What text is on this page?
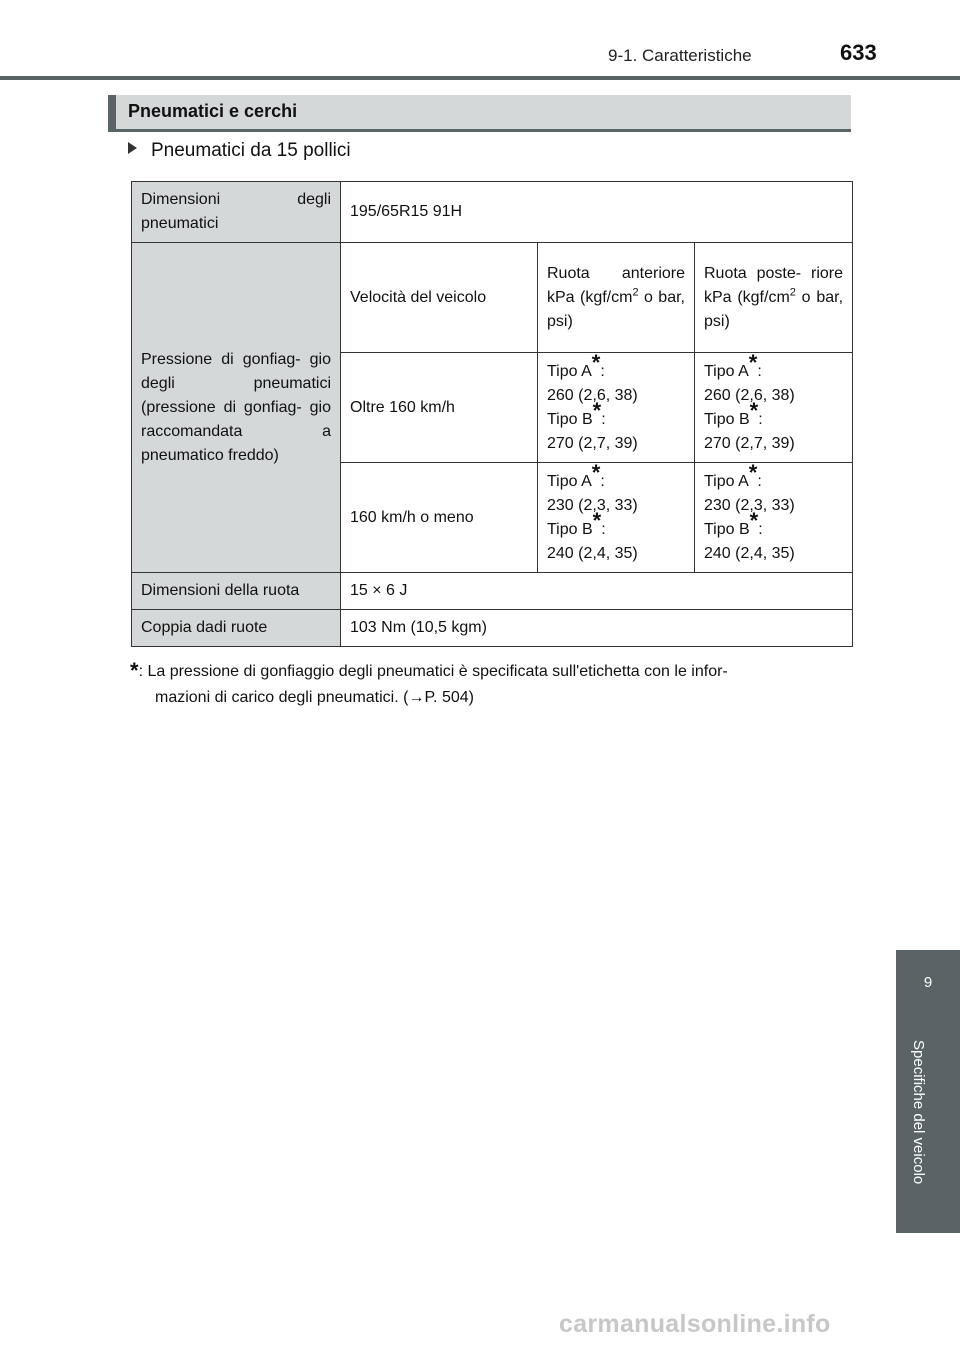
9-1. Caratteristiche	633
Pneumatici e cerchi
Pneumatici da 15 pollici
Dimensioni degli pneumatici	195/65R15 91H		
Pressione di gonfiag- gio degli pneumatici (pressione di gonfiag- gio raccomandata a pneumatico freddo)	Velocità del veicolo	Ruota anteriore kPa ($kgf/cm^2$ o bar, psi)	Ruota poste- riore kPa ($kgf/cm^2$ o bar, psi)
	Oltre 160 km/h	Tipo A*:
260 (2,6, 38)
Tipo B*:
270 (2,7, 39)	Tipo A*:
260 (2,6, 38)
Tipo B*:
270 (2,7, 39)
	160 km/h o meno	Tipo A*:
230 (2,3, 33)
Tipo B*:
240 (2,4, 35)	Tipo A*:
230 (2,3, 33)
Tipo B*:
240 (2,4, 35)
Dimensioni della ruota	15 × 6 J		
Coppia dadi ruote	103 Nm (10,5 kgm)		
*: La pressione di gonfiaggio degli pneumatici è specificata sull'etichetta con le infor-
mazioni di carico degli pneumatici. (→P. 504)
9
Specifiche del veicolo
carmanualsonline.info
